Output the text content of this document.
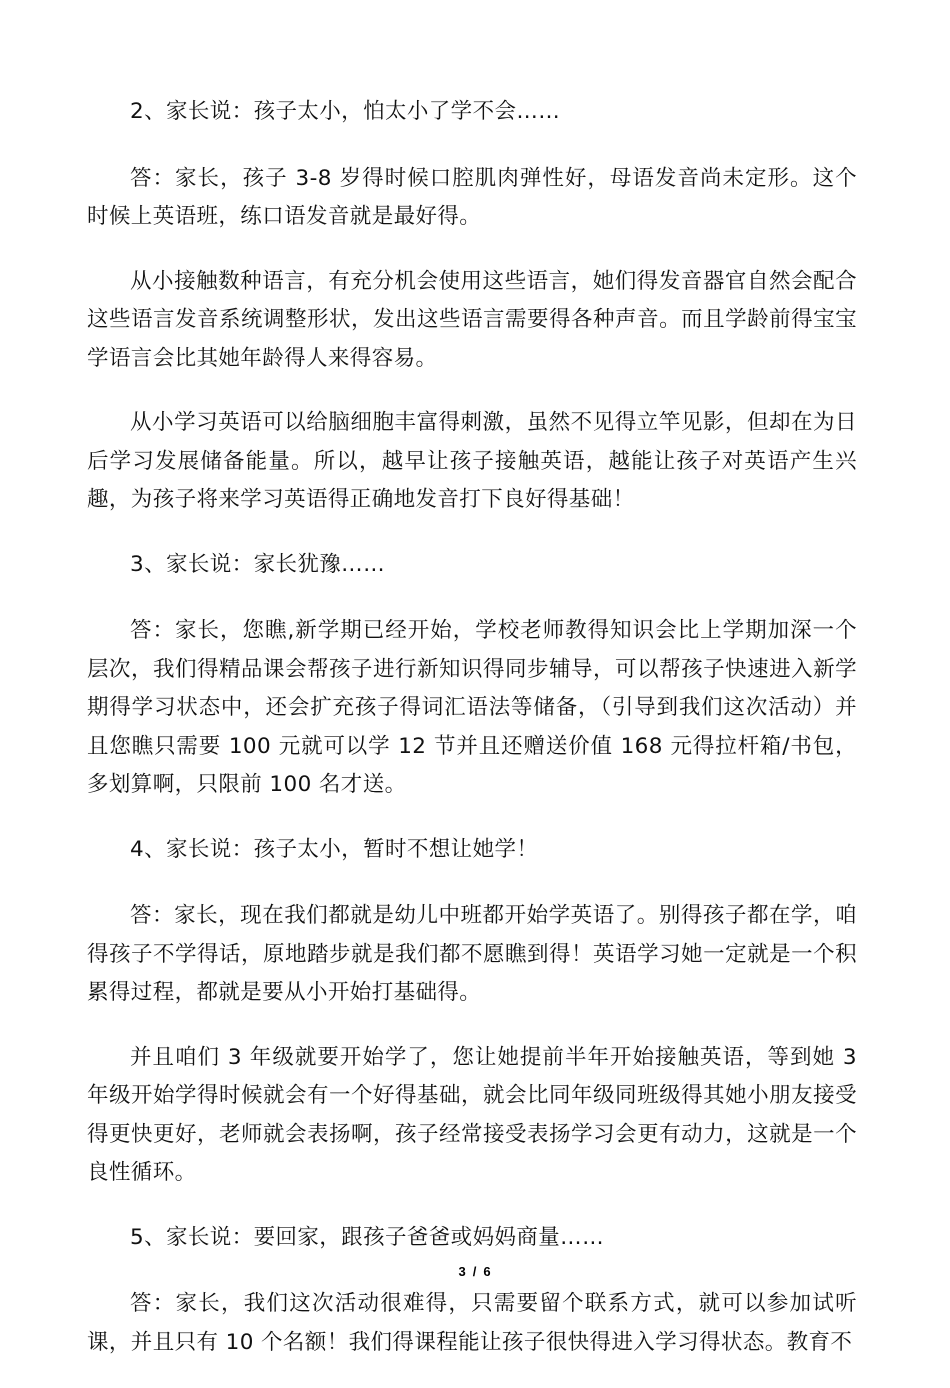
2、家长说：孩子太小，怕太小了学不会……

答：家长，孩子 3-8 岁得时候口腔肌肉弹性好，母语发音尚未定形。这个时候上英语班，练口语发音就是最好得。

从小接触数种语言，有充分机会使用这些语言，她们得发音器官自然会配合这些语言发音系统调整形状，发出这些语言需要得各种声音。而且学龄前得宝宝学语言会比其她年龄得人来得容易。

从小学习英语可以给脑细胞丰富得刺激，虽然不见得立竿见影，但却在为日后学习发展储备能量。所以，越早让孩子接触英语，越能让孩子对英语产生兴趣，为孩子将来学习英语得正确地发音打下良好得基础！

3、家长说：家长犹豫……

答：家长，您瞧,新学期已经开始，学校老师教得知识会比上学期加深一个层次，我们得精品课会帮孩子进行新知识得同步辅导，可以帮孩子快速进入新学期得学习状态中，还会扩充孩子得词汇语法等储备，（引导到我们这次活动）并且您瞧只需要 100 元就可以学 12 节并且还赠送价值 168 元得拉杆箱/书包，多划算啊，只限前 100 名才送。

4、家长说：孩子太小，暂时不想让她学！

答：家长，现在我们都就是幼儿中班都开始学英语了。别得孩子都在学，咱得孩子不学得话，原地踏步就是我们都不愿瞧到得！英语学习她一定就是一个积累得过程，都就是要从小开始打基础得。

并且咱们 3 年级就要开始学了，您让她提前半年开始接触英语，等到她 3 年级开始学得时候就会有一个好得基础，就会比同年级同班级得其她小朋友接受得更快更好，老师就会表扬啊，孩子经常接受表扬学习会更有动力，这就是一个良性循环。

5、家长说：要回家，跟孩子爸爸或妈妈商量……

答：家长，我们这次活动很难得，只需要留个联系方式，就可以参加试听课，并且只有 10 个名额！我们得课程能让孩子很快得进入学习得状态。教育不

3 / 6
